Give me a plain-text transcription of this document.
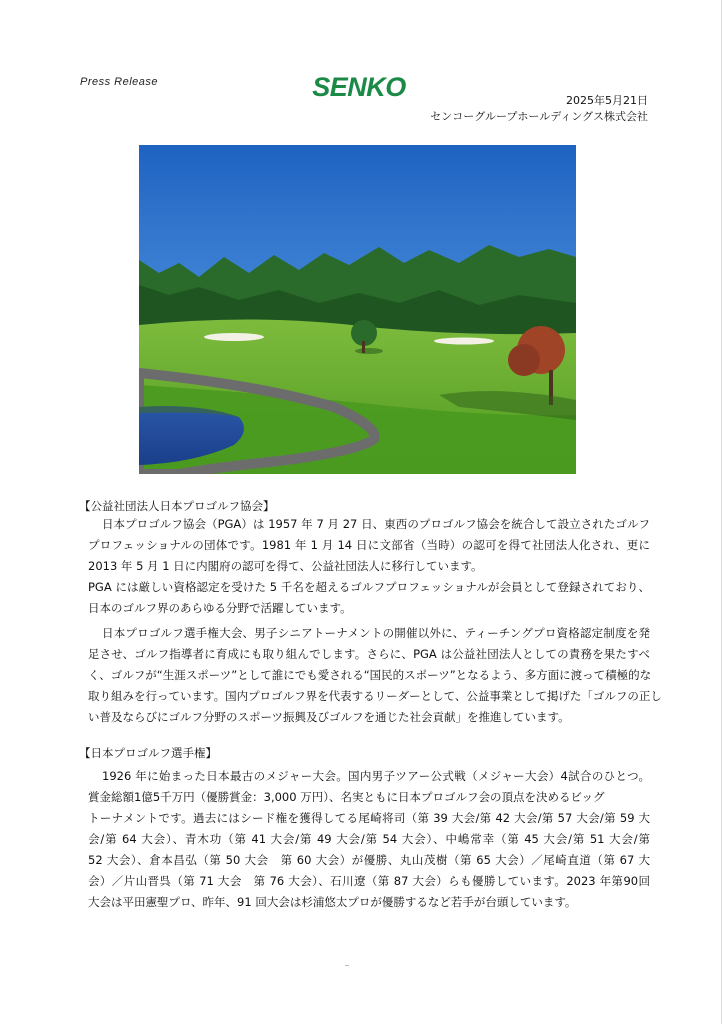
Press Release	SENKO	2025年5月21日
センコーグループホールディングス株式会社
【公益社団法人日本プロゴルフ協会】
日本プロゴルフ協会（PGA）は 1957 年 7 月 27 日、東西のプロゴルフ協会を統合して設立されたゴルフ
プロフェッショナルの団体です。1981 年 1 月 14 日に文部省（当時）の認可を得て社団法人化され、更に
2013 年 5 月 1 日に内閣府の認可を得て、公益社団法人に移行しています。
PGA には厳しい資格認定を受けた 5 千名を超えるゴルフプロフェッショナルが会員として登録されており、
日本のゴルフ界のあらゆる分野で活躍しています。
日本プロゴルフ選手権大会、男子シニアトーナメントの開催以外に、ティーチングプロ資格認定制度を発
足させ、ゴルフ指導者に育成にも取り組んでします。さらに、PGA は公益社団法人としての責務を果たすべ
く、ゴルフが“生涯スポーツ”として誰にでも愛される“国民的スポーツ”となるよう、多方面に渡って積極的な
取り組みを行っています。国内プロゴルフ界を代表するリーダーとして、公益事業として掲げた「ゴルフの正し
い普及ならびにゴルフ分野のスポーツ振興及びゴルフを通じた社会貢献」を推進しています。
【日本プロゴルフ選手権】
1926 年に始まった日本最古のメジャー大会。国内男子ツアー公式戦（メジャー大会）4試合のひとつ。
賞金総額1億5千万円（優勝賞金：3,000 万円）、名実ともに日本プロゴルフ会の頂点を決めるビッグ
トーナメントです。過去にはシード権を獲得してる尾崎将司（第 39 大会/第 42 大会/第 57 大会/第 59 大
会/第 64 大会）、青木功（第 41 大会/第 49 大会/第 54 大会）、中嶋常幸（第 45 大会/第 51 大会/第
52 大会）、倉本昌弘（第 50 大会　第 60 大会）が優勝、丸山茂樹（第 65 大会）／尾崎直道（第 67 大
会）／片山晋呉（第 71 大会　第 76 大会）、石川遼（第 87 大会）らも優勝しています。2023 年第90回
大会は平田憲聖プロ、昨年、91 回大会は杉浦悠太プロが優勝するなど若手が台頭しています。
